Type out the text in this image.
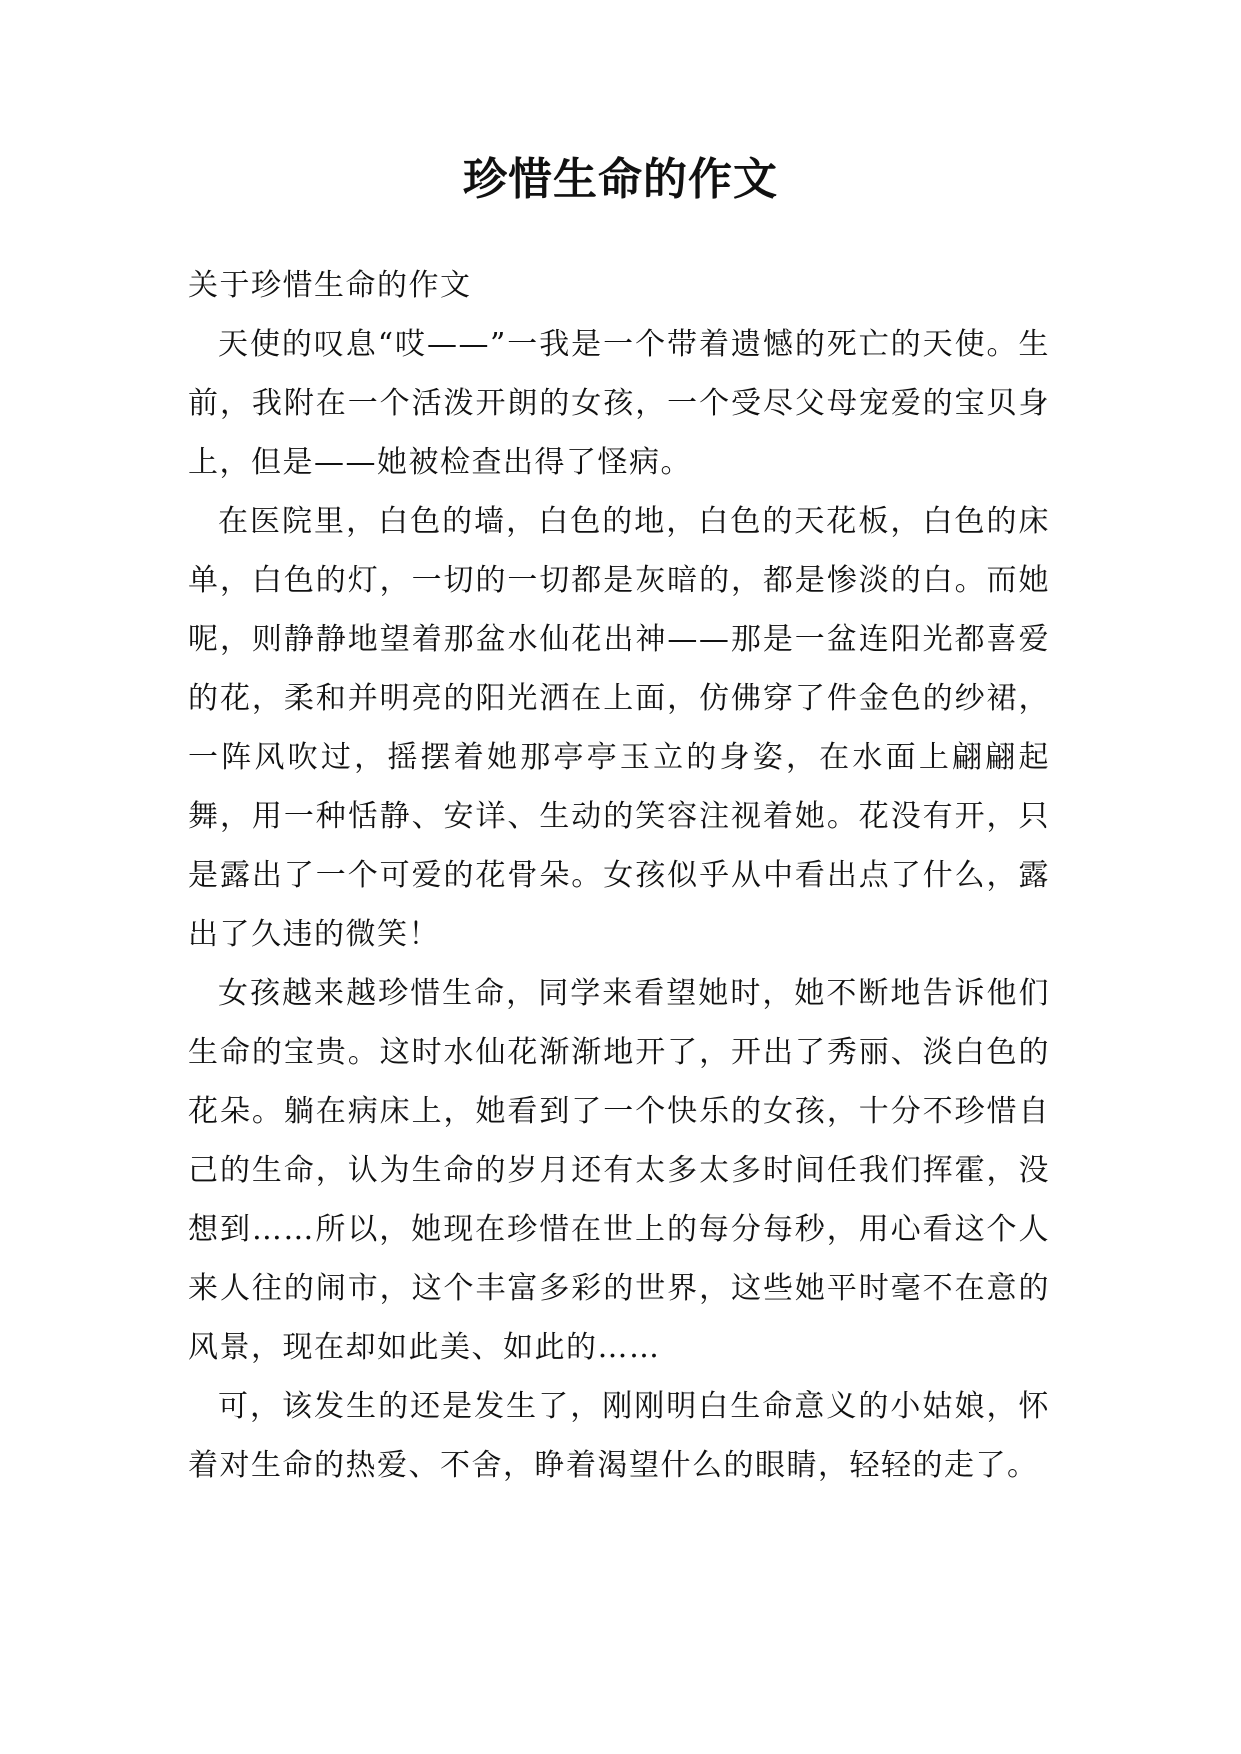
珍惜生命的作文

关于珍惜生命的作文

天使的叹息“哎——”一我是一个带着遗憾的死亡的天使。生前，我附在一个活泼开朗的女孩，一个受尽父母宠爱的宝贝身上，但是——她被检查出得了怪病。

在医院里，白色的墙，白色的地，白色的天花板，白色的床单，白色的灯，一切的一切都是灰暗的，都是惨淡的白。而她呢，则静静地望着那盆水仙花出神——那是一盆连阳光都喜爱的花，柔和并明亮的阳光洒在上面，仿佛穿了件金色的纱裙，一阵风吹过，摇摆着她那亭亭玉立的身姿，在水面上翩翩起舞，用一种恬静、安详、生动的笑容注视着她。花没有开，只是露出了一个可爱的花骨朵。女孩似乎从中看出点了什么，露出了久违的微笑！

女孩越来越珍惜生命，同学来看望她时，她不断地告诉他们生命的宝贵。这时水仙花渐渐地开了，开出了秀丽、淡白色的花朵。躺在病床上，她看到了一个快乐的女孩，十分不珍惜自己的生命，认为生命的岁月还有太多太多时间任我们挥霍，没想到……所以，她现在珍惜在世上的每分每秒，用心看这个人来人往的闹市，这个丰富多彩的世界，这些她平时毫不在意的风景，现在却如此美、如此的……

可，该发生的还是发生了，刚刚明白生命意义的小姑娘，怀着对生命的热爱、不舍，睁着渴望什么的眼睛，轻轻的走了。
